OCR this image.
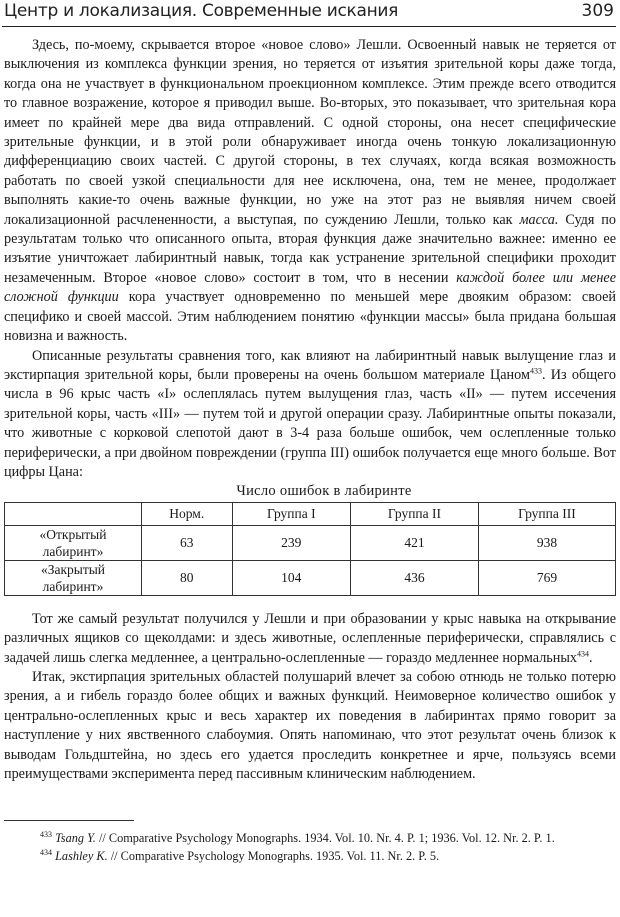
Центр и локализация. Современные искания	309

Здесь, по-моему, скрывается второе «новое слово» Лешли. Освоенный навык не теряется от выключения из комплекса функции зрения, но теряется от изъятия зрительной коры даже тогда, когда она не участвует в функциональном проекционном комплексе. Этим прежде всего отводится то главное возражение, которое я приводил выше. Во-вторых, это показывает, что зрительная кора имеет по крайней мере два вида отправлений. С одной стороны, она несет специфические зрительные функции, и в этой роли обнаруживает иногда очень тонкую локализационную дифференциацию своих частей. С другой стороны, в тех случаях, когда всякая возможность работать по своей узкой специальности для нее исключена, она, тем не менее, продолжает выполнять какие-то очень важные функции, но уже на этот раз не выявляя ничем своей локализационной расчлененности, а выступая, по суждению Лешли, только как масса. Судя по результатам только что описанного опыта, вторая функция даже значительно важнее: именно ее изъятие уничтожает лабиринтный навык, тогда как устранение зрительной специфики проходит незамеченным. Второе «новое слово» состоит в том, что в несении каждой более или менее сложной функции кора участвует одновременно по меньшей мере двояким образом: своей специфико и своей массой. Этим наблюдением понятию «функции массы» была придана большая новизна и важность.

Описанные результаты сравнения того, как влияют на лабиринтный навык вылущение глаз и экстирпация зрительной коры, были проверены на очень большом материале Цаном$^{433}$. Из общего числа в 96 крыс часть «I» ослеплялась путем вылущения глаз, часть «II» — путем иссечения зрительной коры, часть «III» — путем той и другой операции сразу. Лабиринтные опыты показали, что животные с корковой слепотой дают в 3-4 раза больше ошибок, чем ослепленные только периферически, а при двойном повреждении (группа III) ошибок получается еще много больше. Вот цифры Цана:

Число ошибок в лабиринте

	Норм.	Группа I	Группа II	Группа III
«Открытый лабиринт»	63	239	421	938
«Закрытый лабиринт»	80	104	436	769

Тот же самый результат получился у Лешли и при образовании у крыс навыка на открывание различных ящиков со щеколдами: и здесь животные, ослепленные периферически, справлялись с задачей лишь слегка медленнее, а центрально-ослепленные — гораздо медленнее нормальных$^{434}$.

Итак, экстирпация зрительных областей полушарий влечет за собою отнюдь не только потерю зрения, а и гибель гораздо более общих и важных функций. Неимоверное количество ошибок у центрально-ослепленных крыс и весь характер их поведения в лабиринтах прямо говорит за наступление у них явственного слабоумия. Опять напоминаю, что этот результат очень близок к выводам Гольдштейна, но здесь его удается проследить конкретнее и ярче, пользуясь всеми преимуществами эксперимента перед пассивным клиническим наблюдением.

$^{433}$ Tsang Y. // Comparative Psychology Monographs. 1934. Vol. 10. Nr. 4. P. 1; 1936. Vol. 12. Nr. 2. P. 1.
$^{434}$ Lashley K. // Comparative Psychology Monographs. 1935. Vol. 11. Nr. 2. P. 5.
